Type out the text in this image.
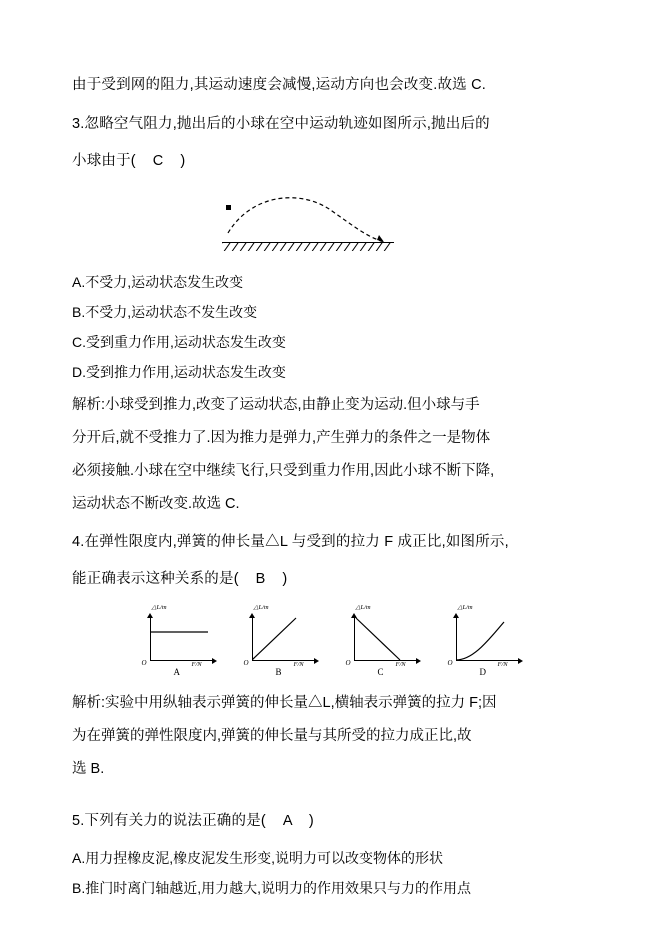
由于受到网的阻力,其运动速度会减慢,运动方向也会改变.故选 C.

3.忽略空气阻力,抛出后的小球在空中运动轨迹如图所示,抛出后的

小球由于(    C    )

A.不受力,运动状态发生改变

B.不受力,运动状态不发生改变

C.受到重力作用,运动状态发生改变

D.受到推力作用,运动状态发生改变

解析:小球受到推力,改变了运动状态,由静止变为运动.但小球与手

分开后,就不受推力了.因为推力是弹力,产生弹力的条件之一是物体

必须接触.小球在空中继续飞行,只受到重力作用,因此小球不断下降,

运动状态不断改变.故选 C.

4.在弹性限度内,弹簧的伸长量△L 与受到的拉力 F 成正比,如图所示,

能正确表示这种关系的是(    B    )

△L/m
O	F/N
A
△L/m
O	F/N
B
△L/m
O	F/N
C
△L/m
O	F/N
D

解析:实验中用纵轴表示弹簧的伸长量△L,横轴表示弹簧的拉力 F;因

为在弹簧的弹性限度内,弹簧的伸长量与其所受的拉力成正比,故

选 B.

5.下列有关力的说法正确的是(    A    )

A.用力捏橡皮泥,橡皮泥发生形变,说明力可以改变物体的形状

B.推门时离门轴越近,用力越大,说明力的作用效果只与力的作用点
